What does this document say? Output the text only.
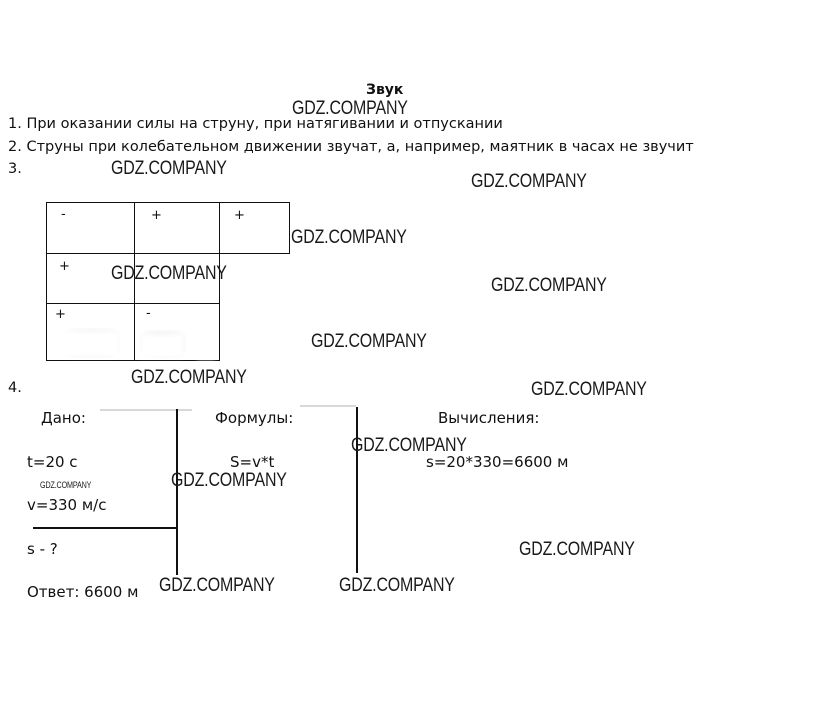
Звук
1. При оказании силы на струну, при натягивании и отпускании
2. Струны при колебательном движении звучат, а, например, маятник в часах не звучит
3.
-	+	+
+
+	-
4.
Дано:	Формулы:	Вычисления:
t=20 с
v=330 м/с
s - ?
Ответ: 6600 м
S=v*t	s=20*330=6600 м
GDZ.COMPANY
GDZ.COMPANY
GDZ.COMPANY
GDZ.COMPANY
GDZ.COMPANY
GDZ.COMPANY
GDZ.COMPANY
GDZ.COMPANY
GDZ.COMPANY
GDZ.COMPANY
GDZ.COMPANY
GDZ.COMPANY
GDZ.COMPANY
GDZ.COMPANY	GDZ.COMPANY
